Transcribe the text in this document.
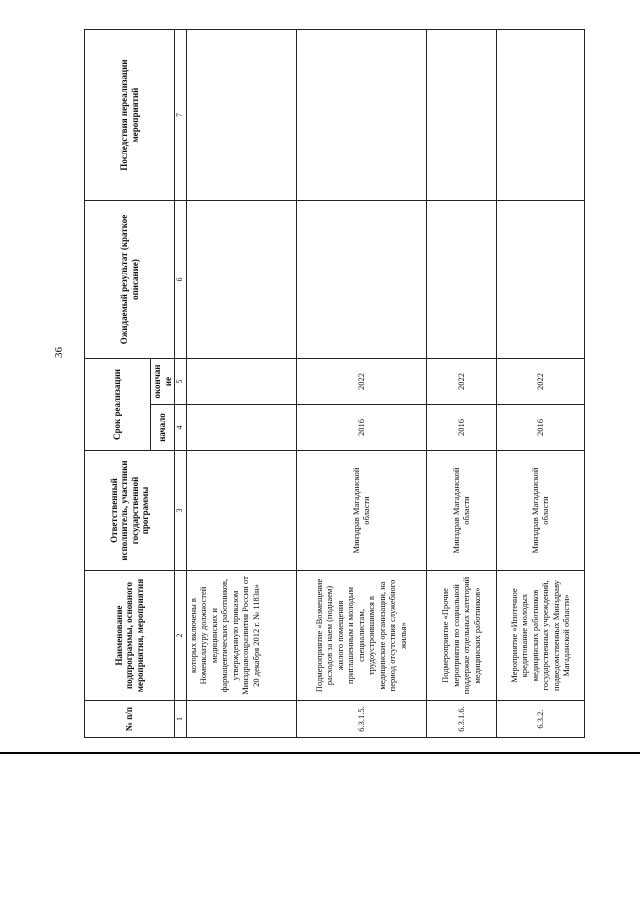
36
№ п/п	Наименование подпрограммы, основного мероприятия, мероприятия	Ответственный исполнитель, участники государственной программы	Срок реализации		Ожидаемый результат (краткое описание)	Последствия нереализации мероприятий
			начало	окончание		
1	2	3	4	5	6	7
	которых включены в Номенклатуру должностей медицинских и фармацевтических работников, утвержденную приказом Минздравсоцразвития России от 20 декабря 2012 г. № 1183н»					
6.3.1.5.	Подмероприятие «Возмещение расходов за наем (поднаем) жилого помещения приглашенным и молодым специалистам, трудоустроившимся в медицинские организации, на период отсутствия служебного жилья»	Минздрав Магаданской области	2016	2022		
6.3.1.6.	Подмероприятие «Прочие мероприятия по социальной поддержке отдельных категорий медицинских работников»	Минздрав Магаданской области	2016	2022		
6.3.2.	Мероприятие «Ипотечное кредитование молодых медицинских работников государственных учреждений, подведомственных Минздраву Магаданской области»	Минздрав Магаданской области	2016	2022		
